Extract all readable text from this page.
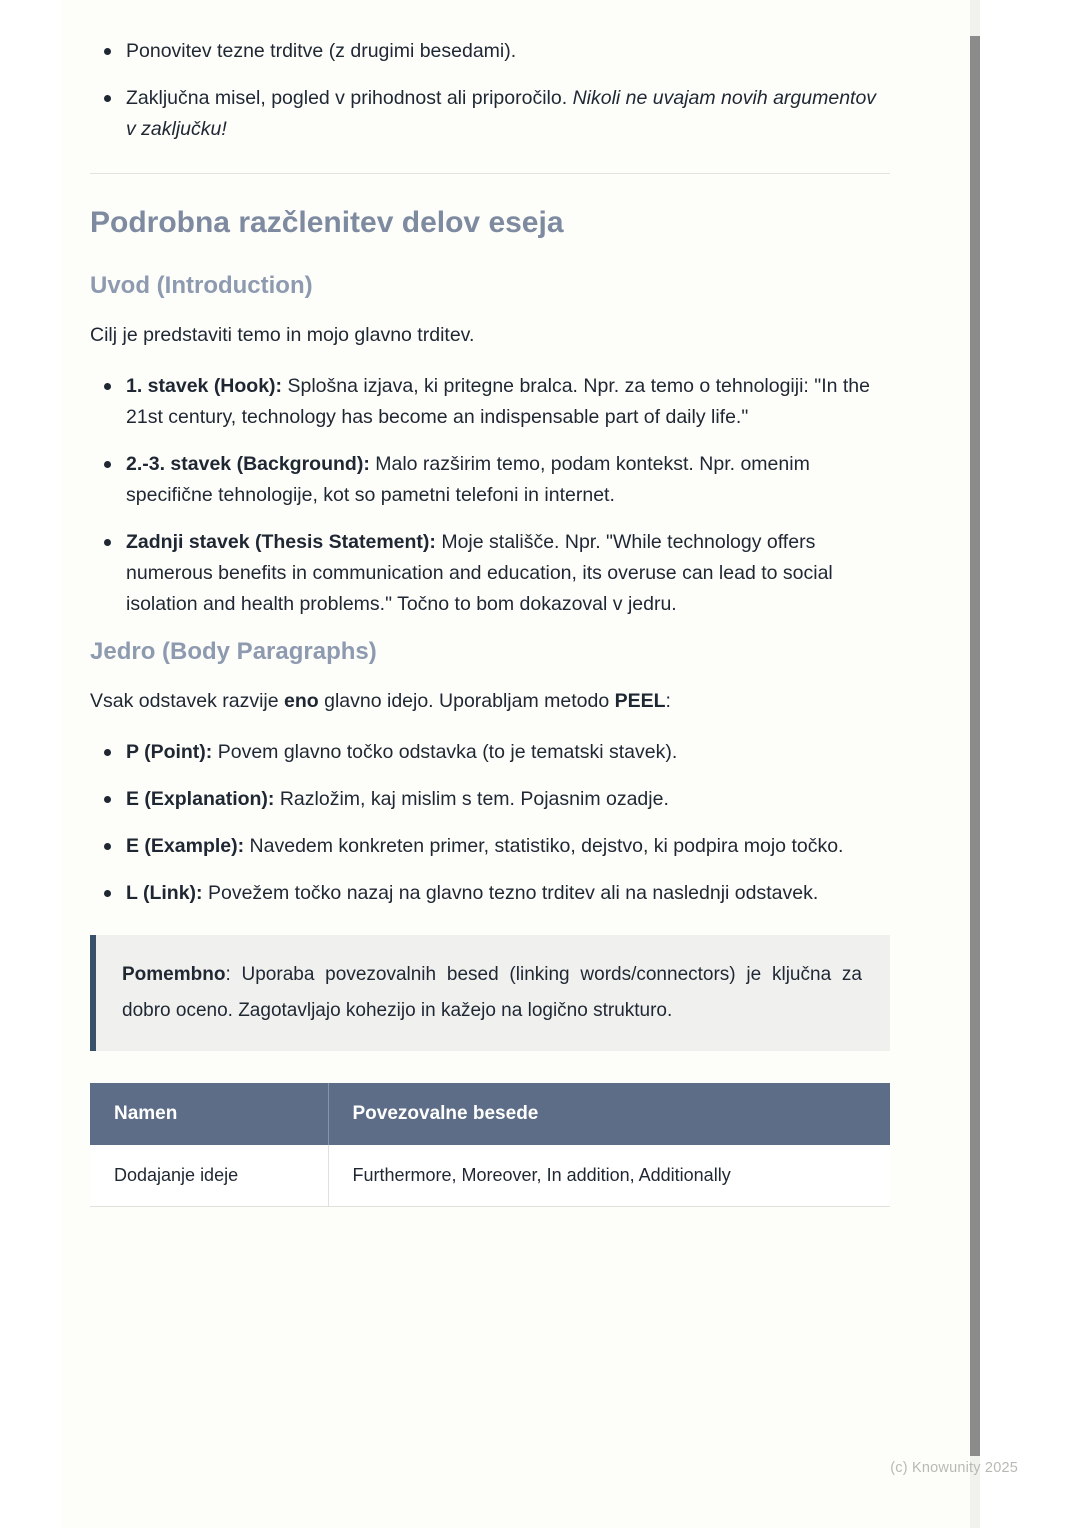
Ponovitev tezne trditve (z drugimi besedami).
Zaključna misel, pogled v prihodnost ali priporočilo. Nikoli ne uvajam novih argumentov v zaključku!
Podrobna razčlenitev delov eseja
Uvod (Introduction)

Cilj je predstaviti temo in mojo glavno trditev.

1. stavek (Hook): Splošna izjava, ki pritegne bralca. Npr. za temo o tehnologiji: "In the 21st century, technology has become an indispensable part of daily life."
2.-3. stavek (Background): Malo razširim temo, podam kontekst. Npr. omenim specifične tehnologije, kot so pametni telefoni in internet.
Zadnji stavek (Thesis Statement): Moje stališče. Npr. "While technology offers numerous benefits in communication and education, its overuse can lead to social isolation and health problems." Točno to bom dokazoval v jedru.
Jedro (Body Paragraphs)

Vsak odstavek razvije eno glavno idejo. Uporabljam metodo PEEL:

P (Point): Povem glavno točko odstavka (to je tematski stavek).
E (Explanation): Razložim, kaj mislim s tem. Pojasnim ozadje.
E (Example): Navedem konkreten primer, statistiko, dejstvo, ki podpira mojo točko.
L (Link): Povežem točko nazaj na glavno tezno trditev ali na naslednji odstavek.

Pomembno: Uporaba povezovalnih besed (linking words/connectors) je ključna za dobro oceno. Zagotavljajo kohezijo in kažejo na logično strukturo.

Namen	Povezovalne besede
Dodajanje ideje	Furthermore, Moreover, In addition, Additionally
(c) Knowunity 2025
